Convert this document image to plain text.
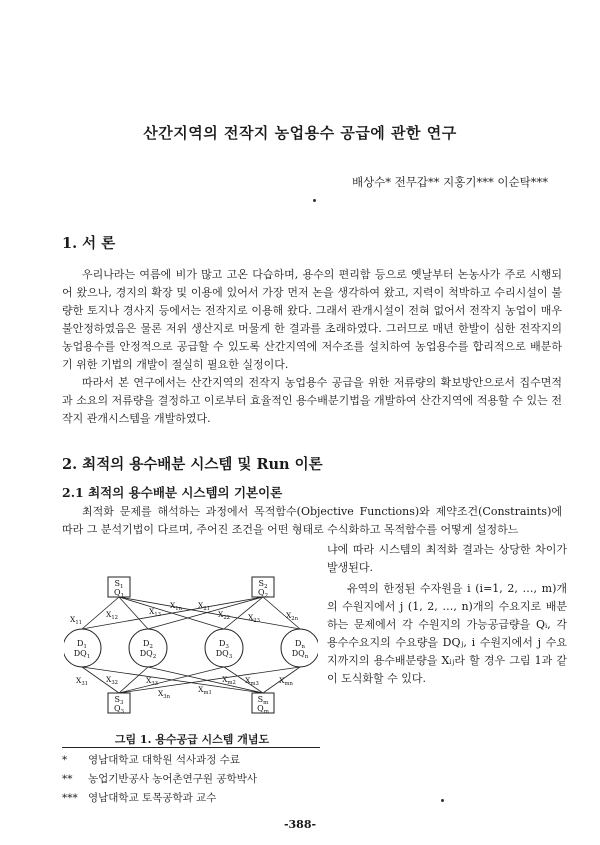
산간지역의 전작지 농업용수 공급에 관한 연구
배상수* 전무갑** 지홍기*** 이순탁***
1. 서 론

우리나라는 여름에 비가 많고 고온 다습하며, 용수의 편리함 등으로 옛날부터 논농사가 주로 시행되어 왔으나, 경지의 확장 및 이용에 있어서 가장 먼저 논을 생각하여 왔고, 지력이 척박하고 수리시설이 불량한 토지나 경사지 등에서는 전작지로 이용해 왔다. 그래서 관개시설이 전혀 없어서 전작지 농업이 매우 불안정하였음은 물론 저위 생산지로 머물게 한 결과를 초래하였다. 그러므로 매년 한발이 심한 전작지의 농업용수를 안정적으로 공급할 수 있도록 산간지역에 저수조를 설치하여 농업용수를 합리적으로 배분하기 위한 기법의 개발이 절실히 필요한 실정이다.

따라서 본 연구에서는 산간지역의 전작지 농업용수 공급을 위한 저류량의 확보방안으로서 집수면적과 소요의 저류량을 결정하고 이로부터 효율적인 용수배분기법을 개발하여 산간지역에 적용할 수 있는 전작지 관개시스템을 개발하였다.

2. 최적의 용수배분 시스템 및 Run 이론
2.1 최적의 용수배분 시스템의 기본이론

최적화 문제를 해석하는 과정에서 목적함수(Objective Functions)와 제약조건(Constraints)에 따라 그 분석기법이 다르며, 주어진 조건을 어떤 형태로 수식화하고 목적함수를 어떻게 설정하느

냐에 따라 시스템의 최적화 결과는 상당한 차이가 발생된다.

유역의 한정된 수자원을 i (i=1, 2, …, m)개의 수원지에서 j (1, 2, …, n)개의 수요지로 배분하는 문제에서 각 수원지의 가능공급량을 Qᵢ, 각 용수수요지의 수요량을 DQⱼ, i 수원지에서 j 수요지까지의 용수배분량을 Xᵢⱼ라 할 경우 그림 1과 같이 도식화할 수 있다.

$S_1$
$Q_1$
$S_2$
$Q_2$
$S_3$
$Q_3$
$S_m$
$Q_m$
$D_1$
$DQ_1$
$D_2$
$DQ_2$
$D_3$
$DQ_3$
$D_n$
$DQ_n$
$X_{11}$
$X_{12}$
$X_{13}$
$X_{1n}$ $X_{21}$
$X_{22}$ $X_{23}$
$X_{2n}$
$X_{31}$ $X_{32}$	$X_{33}$
$X_{3n}$
$X_{m1}$
$X_{m2}$ $X_{m3}$	$X_{mn}$
그림 1. 용수공급 시스템 개념도
* 영남대학교 대학원 석사과정 수료
** 농업기반공사 농어촌연구원 공학박사
*** 영남대학교 토목공학과 교수
-388-
